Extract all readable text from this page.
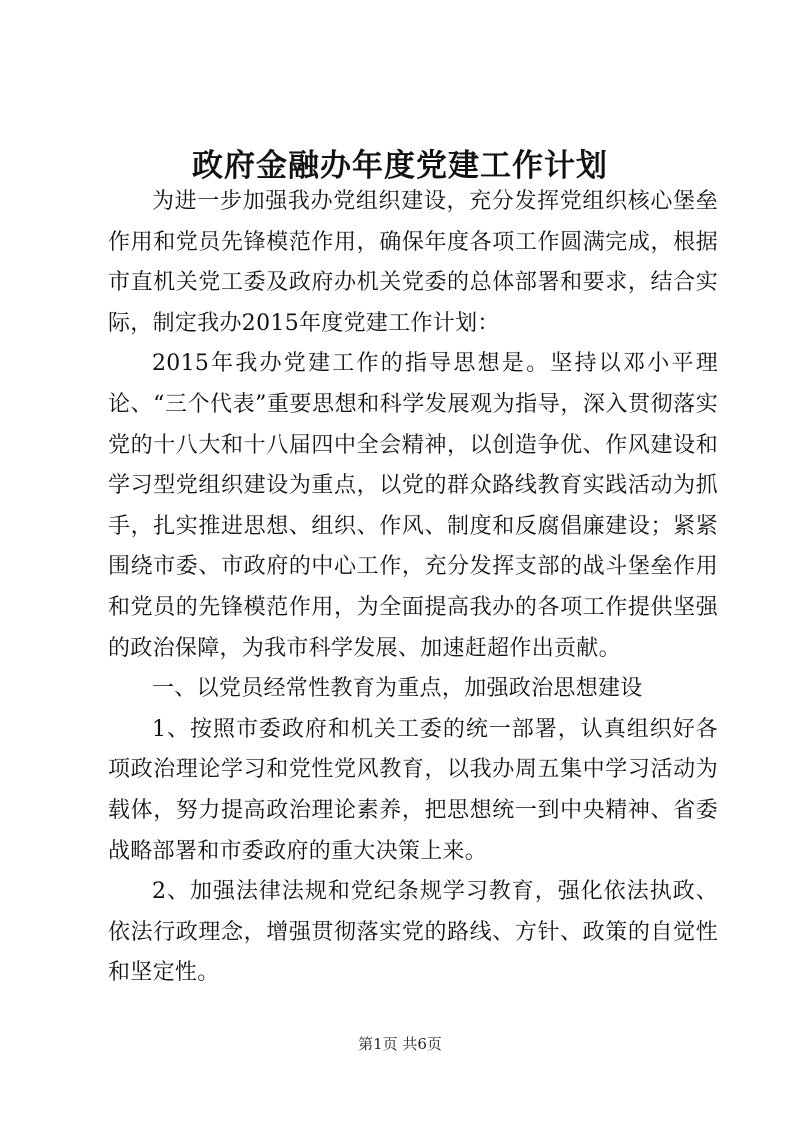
政府金融办年度党建工作计划

为进一步加强我办党组织建设，充分发挥党组织核心堡垒作用和党员先锋模范作用，确保年度各项工作圆满完成，根据市直机关党工委及政府办机关党委的总体部署和要求，结合实际，制定我办2015年度党建工作计划：

2015年我办党建工作的指导思想是。坚持以邓小平理论、“三个代表”重要思想和科学发展观为指导，深入贯彻落实党的十八大和十八届四中全会精神，以创造争优、作风建设和学习型党组织建设为重点，以党的群众路线教育实践活动为抓手，扎实推进思想、组织、作风、制度和反腐倡廉建设；紧紧围绕市委、市政府的中心工作，充分发挥支部的战斗堡垒作用和党员的先锋模范作用，为全面提高我办的各项工作提供坚强的政治保障，为我市科学发展、加速赶超作出贡献。

一、以党员经常性教育为重点，加强政治思想建设

1、按照市委政府和机关工委的统一部署，认真组织好各项政治理论学习和党性党风教育，以我办周五集中学习活动为载体，努力提高政治理论素养，把思想统一到中央精神、省委战略部署和市委政府的重大决策上来。

2、加强法律法规和党纪条规学习教育，强化依法执政、依法行政理念，增强贯彻落实党的路线、方针、政策的自觉性和坚定性。

第1页 共6页
